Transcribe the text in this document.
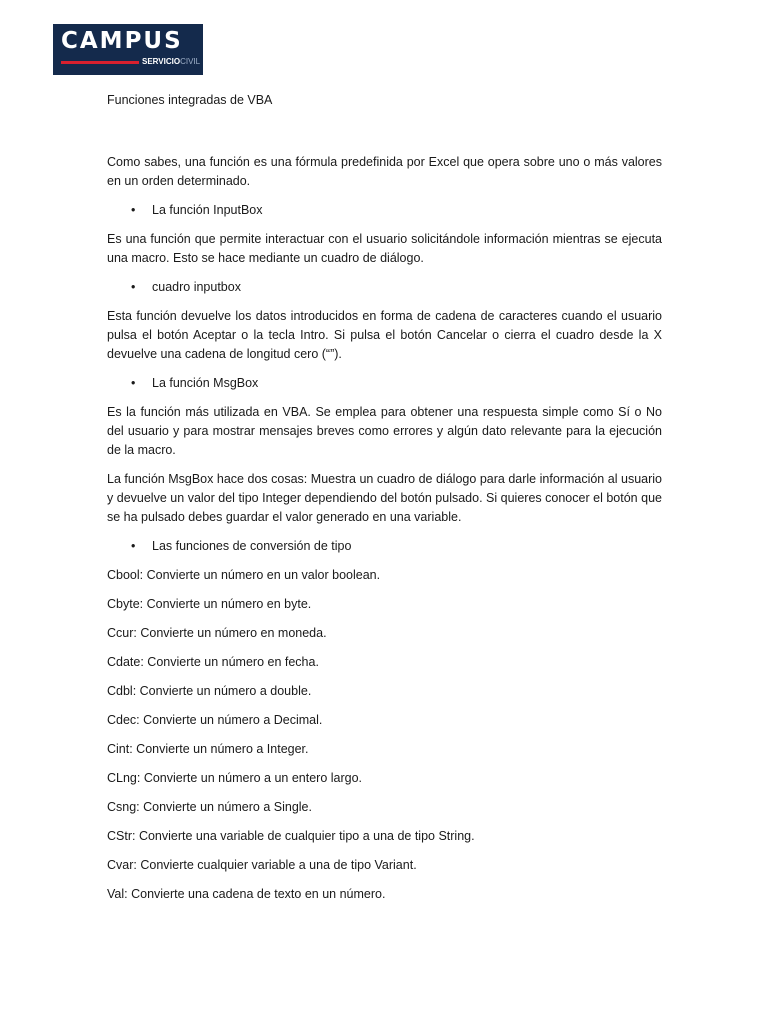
CAMPUS
SERVICIOCIVIL
Funciones integradas de VBA

Como sabes, una función es una fórmula predefinida por Excel que opera sobre uno o más valores en un orden determinado.

• La función InputBox

Es una función que permite interactuar con el usuario solicitándole información mientras se ejecuta una macro. Esto se hace mediante un cuadro de diálogo.

• cuadro inputbox

Esta función devuelve los datos introducidos en forma de cadena de caracteres cuando el usuario pulsa el botón Aceptar o la tecla Intro. Si pulsa el botón Cancelar o cierra el cuadro desde la X devuelve una cadena de longitud cero (“”).

• La función MsgBox

Es la función más utilizada en VBA. Se emplea para obtener una respuesta simple como Sí o No del usuario y para mostrar mensajes breves como errores y algún dato relevante para la ejecución de la macro.

La función MsgBox hace dos cosas: Muestra un cuadro de diálogo para darle información al usuario y devuelve un valor del tipo Integer dependiendo del botón pulsado. Si quieres conocer el botón que se ha pulsado debes guardar el valor generado en una variable.

• Las funciones de conversión de tipo
Cbool: Convierte un número en un valor boolean.
Cbyte: Convierte un número en byte.
Ccur: Convierte un número en moneda.
Cdate: Convierte un número en fecha.
Cdbl: Convierte un número a double.
Cdec: Convierte un número a Decimal.
Cint: Convierte un número a Integer.
CLng: Convierte un número a un entero largo.
Csng: Convierte un número a Single.
CStr: Convierte una variable de cualquier tipo a una de tipo String.
Cvar: Convierte cualquier variable a una de tipo Variant.
Val: Convierte una cadena de texto en un número.
